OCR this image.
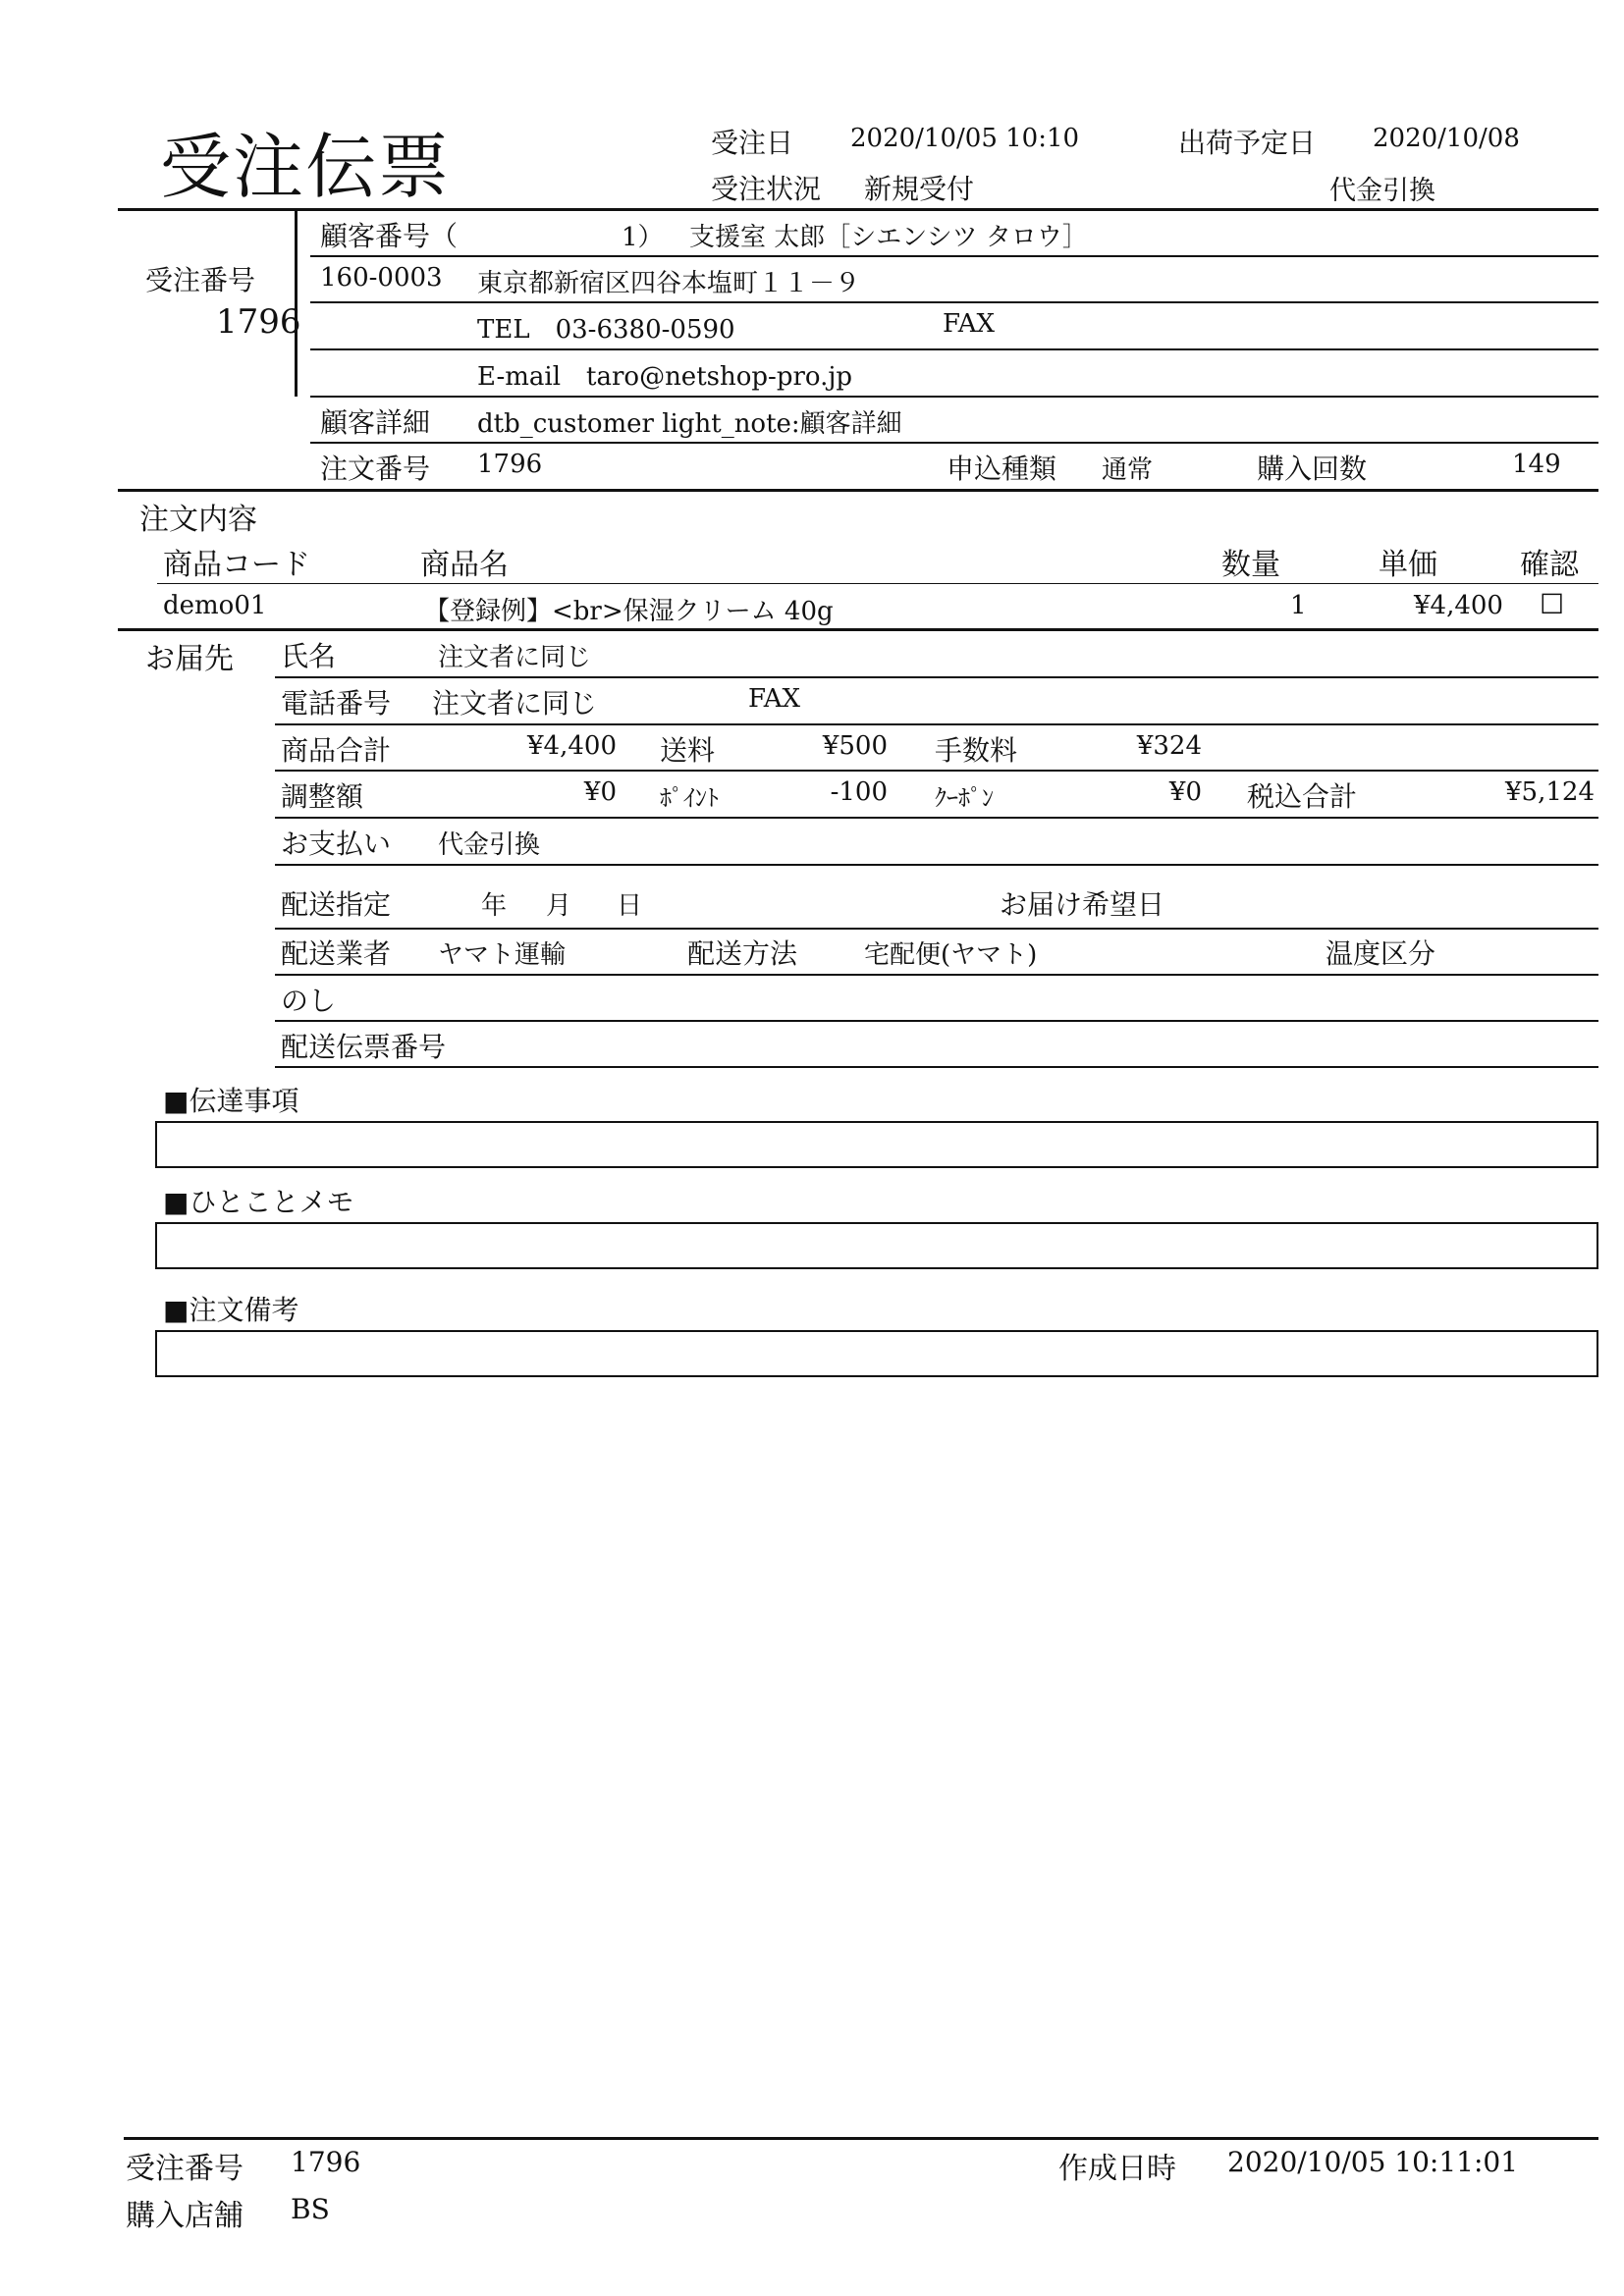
受注伝票	受注日 2020/10/05 10:10	出荷予定日 2020/10/08
受注状況 新規受付	代金引換
受注番号
1796
顧客番号（	1） 支援室 太郎［シエンシツ タロウ］
160-0003 東京都新宿区四谷本塩町１１－９
TEL　03-6380-0590	FAX
E-mail　taro@netshop-pro.jp
顧客詳細 dtb_customer light_note:顧客詳細
注文番号 1796	申込種類 通常	購入回数	149
注文内容
商品コード	商品名	数量	単価	確認
demo01	【登録例】<br>保湿クリーム 40g	1	¥4,400 ☐
お届先 氏名	注文者に同じ
電話番号 注文者に同じ	FAX
商品合計	¥4,400 送料	¥500 手数料	¥324
調整額	¥0 ﾎﾟｲﾝﾄ	-100 ｸｰﾎﾟﾝ	¥0 税込合計	¥5,124
お支払い 代金引換
配送指定	年 月 日	お届け希望日
配送業者 ヤマト運輸	配送方法	宅配便(ヤマト)	温度区分
のし
配送伝票番号
■伝達事項
■ひとことメモ
■注文備考
受注番号 1796	作成日時 2020/10/05 10:11:01
購入店舗 BS
